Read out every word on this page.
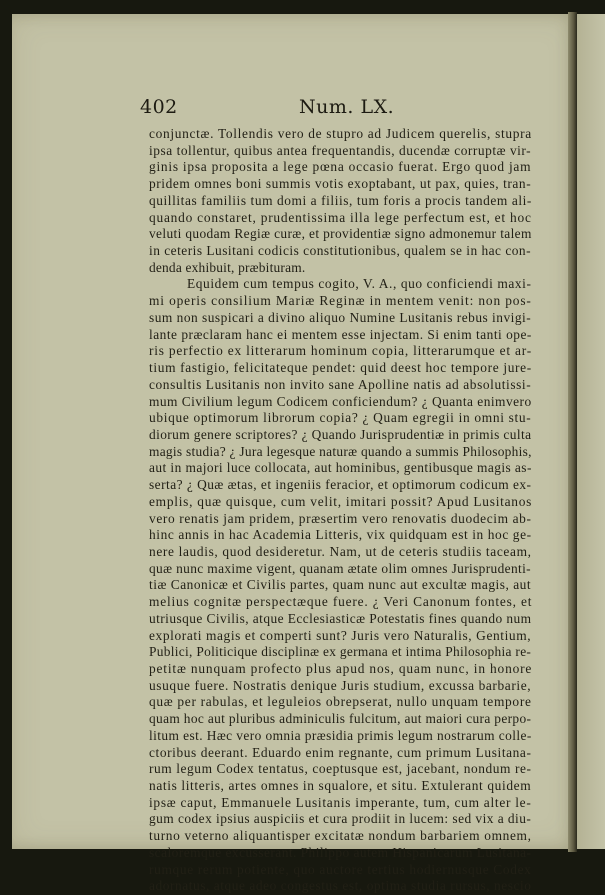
402	Num. LX.
conjunctæ. Tollendis vero de stupro ad Judicem querelis, stupra
ipsa tollentur, quibus antea frequentandis, ducendæ corruptæ vir-
ginis ipsa proposita a lege pœna occasio fuerat. Ergo quod jam
pridem omnes boni summis votis exoptabant, ut pax, quies, tran-
quillitas familiis tum domi a filiis, tum foris a procis tandem ali-
quando constaret, prudentissima illa lege perfectum est, et hoc
veluti quodam Regiæ curæ, et providentiæ signo admonemur talem
in ceteris Lusitani codicis constitutionibus, qualem se in hac con-
denda exhibuit, præbituram.
Equidem cum tempus cogito, V. A., quo conficiendi maxi-
mi operis consilium Mariæ Reginæ in mentem venit: non pos-
sum non suspicari a divino aliquo Numine Lusitanis rebus invigi-
lante præclaram hanc ei mentem esse injectam. Si enim tanti ope-
ris perfectio ex litterarum hominum copia, litterarumque et ar-
tium fastigio, felicitateque pendet: quid deest hoc tempore jure-
consultis Lusitanis non invito sane Apolline natis ad absolutissi-
mum Civilium legum Codicem conficiendum? ¿ Quanta enimvero
ubique optimorum librorum copia? ¿ Quam egregii in omni stu-
diorum genere scriptores? ¿ Quando Jurisprudentiæ in primis culta
magis studia? ¿ Jura legesque naturæ quando a summis Philosophis,
aut in majori luce collocata, aut hominibus, gentibusque magis as-
serta? ¿ Quæ ætas, et ingeniis feracior, et optimorum codicum ex-
emplis, quæ quisque, cum velit, imitari possit? Apud Lusitanos
vero renatis jam pridem, præsertim vero renovatis duodecim ab-
hinc annis in hac Academia Litteris, vix quidquam est in hoc ge-
nere laudis, quod desideretur. Nam, ut de ceteris studiis taceam,
quæ nunc maxime vigent, quanam ætate olim omnes Jurisprudenti-
tiæ Canonicæ et Civilis partes, quam nunc aut excultæ magis, aut
melius cognitæ perspectæque fuere. ¿ Veri Canonum fontes, et
utriusque Civilis, atque Ecclesiasticæ Potestatis fines quando num
explorati magis et comperti sunt? Juris vero Naturalis, Gentium,
Publici, Politicique disciplinæ ex germana et intima Philosophia re-
petitæ nunquam profecto plus apud nos, quam nunc, in honore
usuque fuere. Nostratis denique Juris studium, excussa barbarie,
quæ per rabulas, et leguleios obrepserat, nullo unquam tempore
quam hoc aut pluribus adminiculis fulcitum, aut maiori cura perpo-
litum est. Hæc vero omnia præsidia primis legum nostrarum colle-
ctoribus deerant. Eduardo enim regnante, cum primum Lusitana-
rum legum Codex tentatus, coeptusque est, jacebant, nondum re-
natis litteris, artes omnes in squalore, et situ. Extulerant quidem
ipsæ caput, Emmanuele Lusitanis imperante, tum, cum alter le-
gum codex ipsius auspiciis et cura prodiit in lucem: sed vix a diu-
turno veterno aliquantisper excitatæ nondum barbariem omnem,
scaloremque excusserant. Philippo autem Hispanicarum Lusitana-
rumque rerum potiente, quo auctore tertius hodiernusque Codex
adornatus, atque adeo congestus est, optima studia rursus, nescio
